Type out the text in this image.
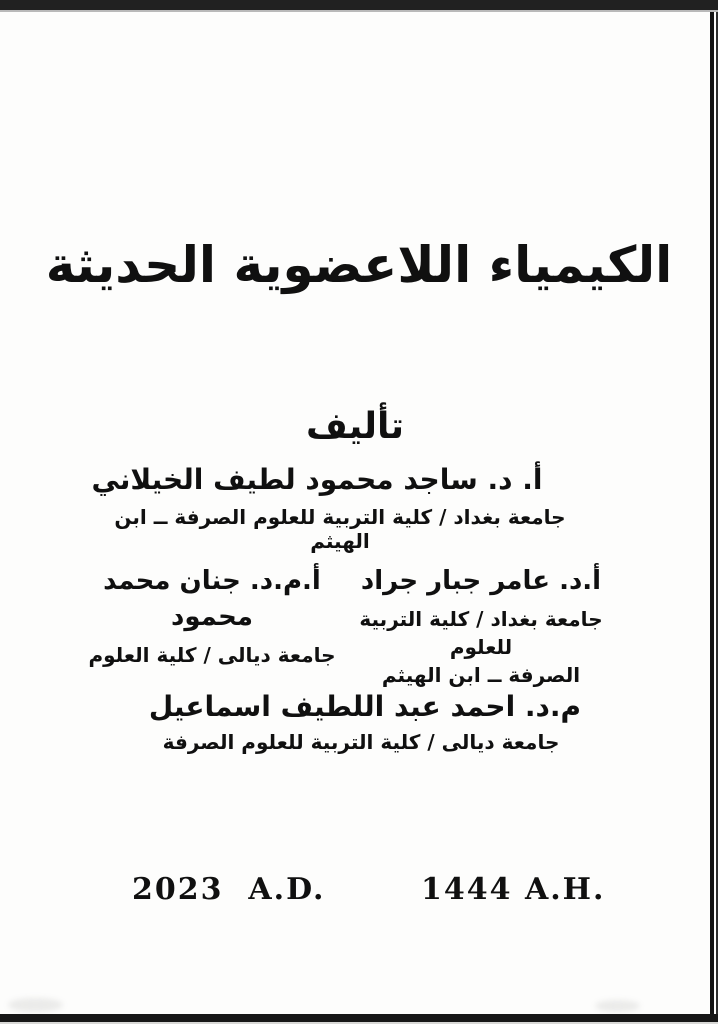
الكيمياء اللاعضوية الحديثة
تأليف
أ. د. ساجد محمود لطيف الخيلاني
جامعة بغداد / كلية التربية للعلوم الصرفة ــ ابن الهيثم
أ.د. عامر جبار جراد
جامعة بغداد / كلية التربية للعلوم
الصرفة ــ ابن الهيثم
أ.م.د. جنان محمد محمود
جامعة ديالى / كلية العلوم
م.د. احمد عبد اللطيف اسماعيل
جامعة ديالى / كلية التربية للعلوم الصرفة
2023  A.D.	1444 A.H.
